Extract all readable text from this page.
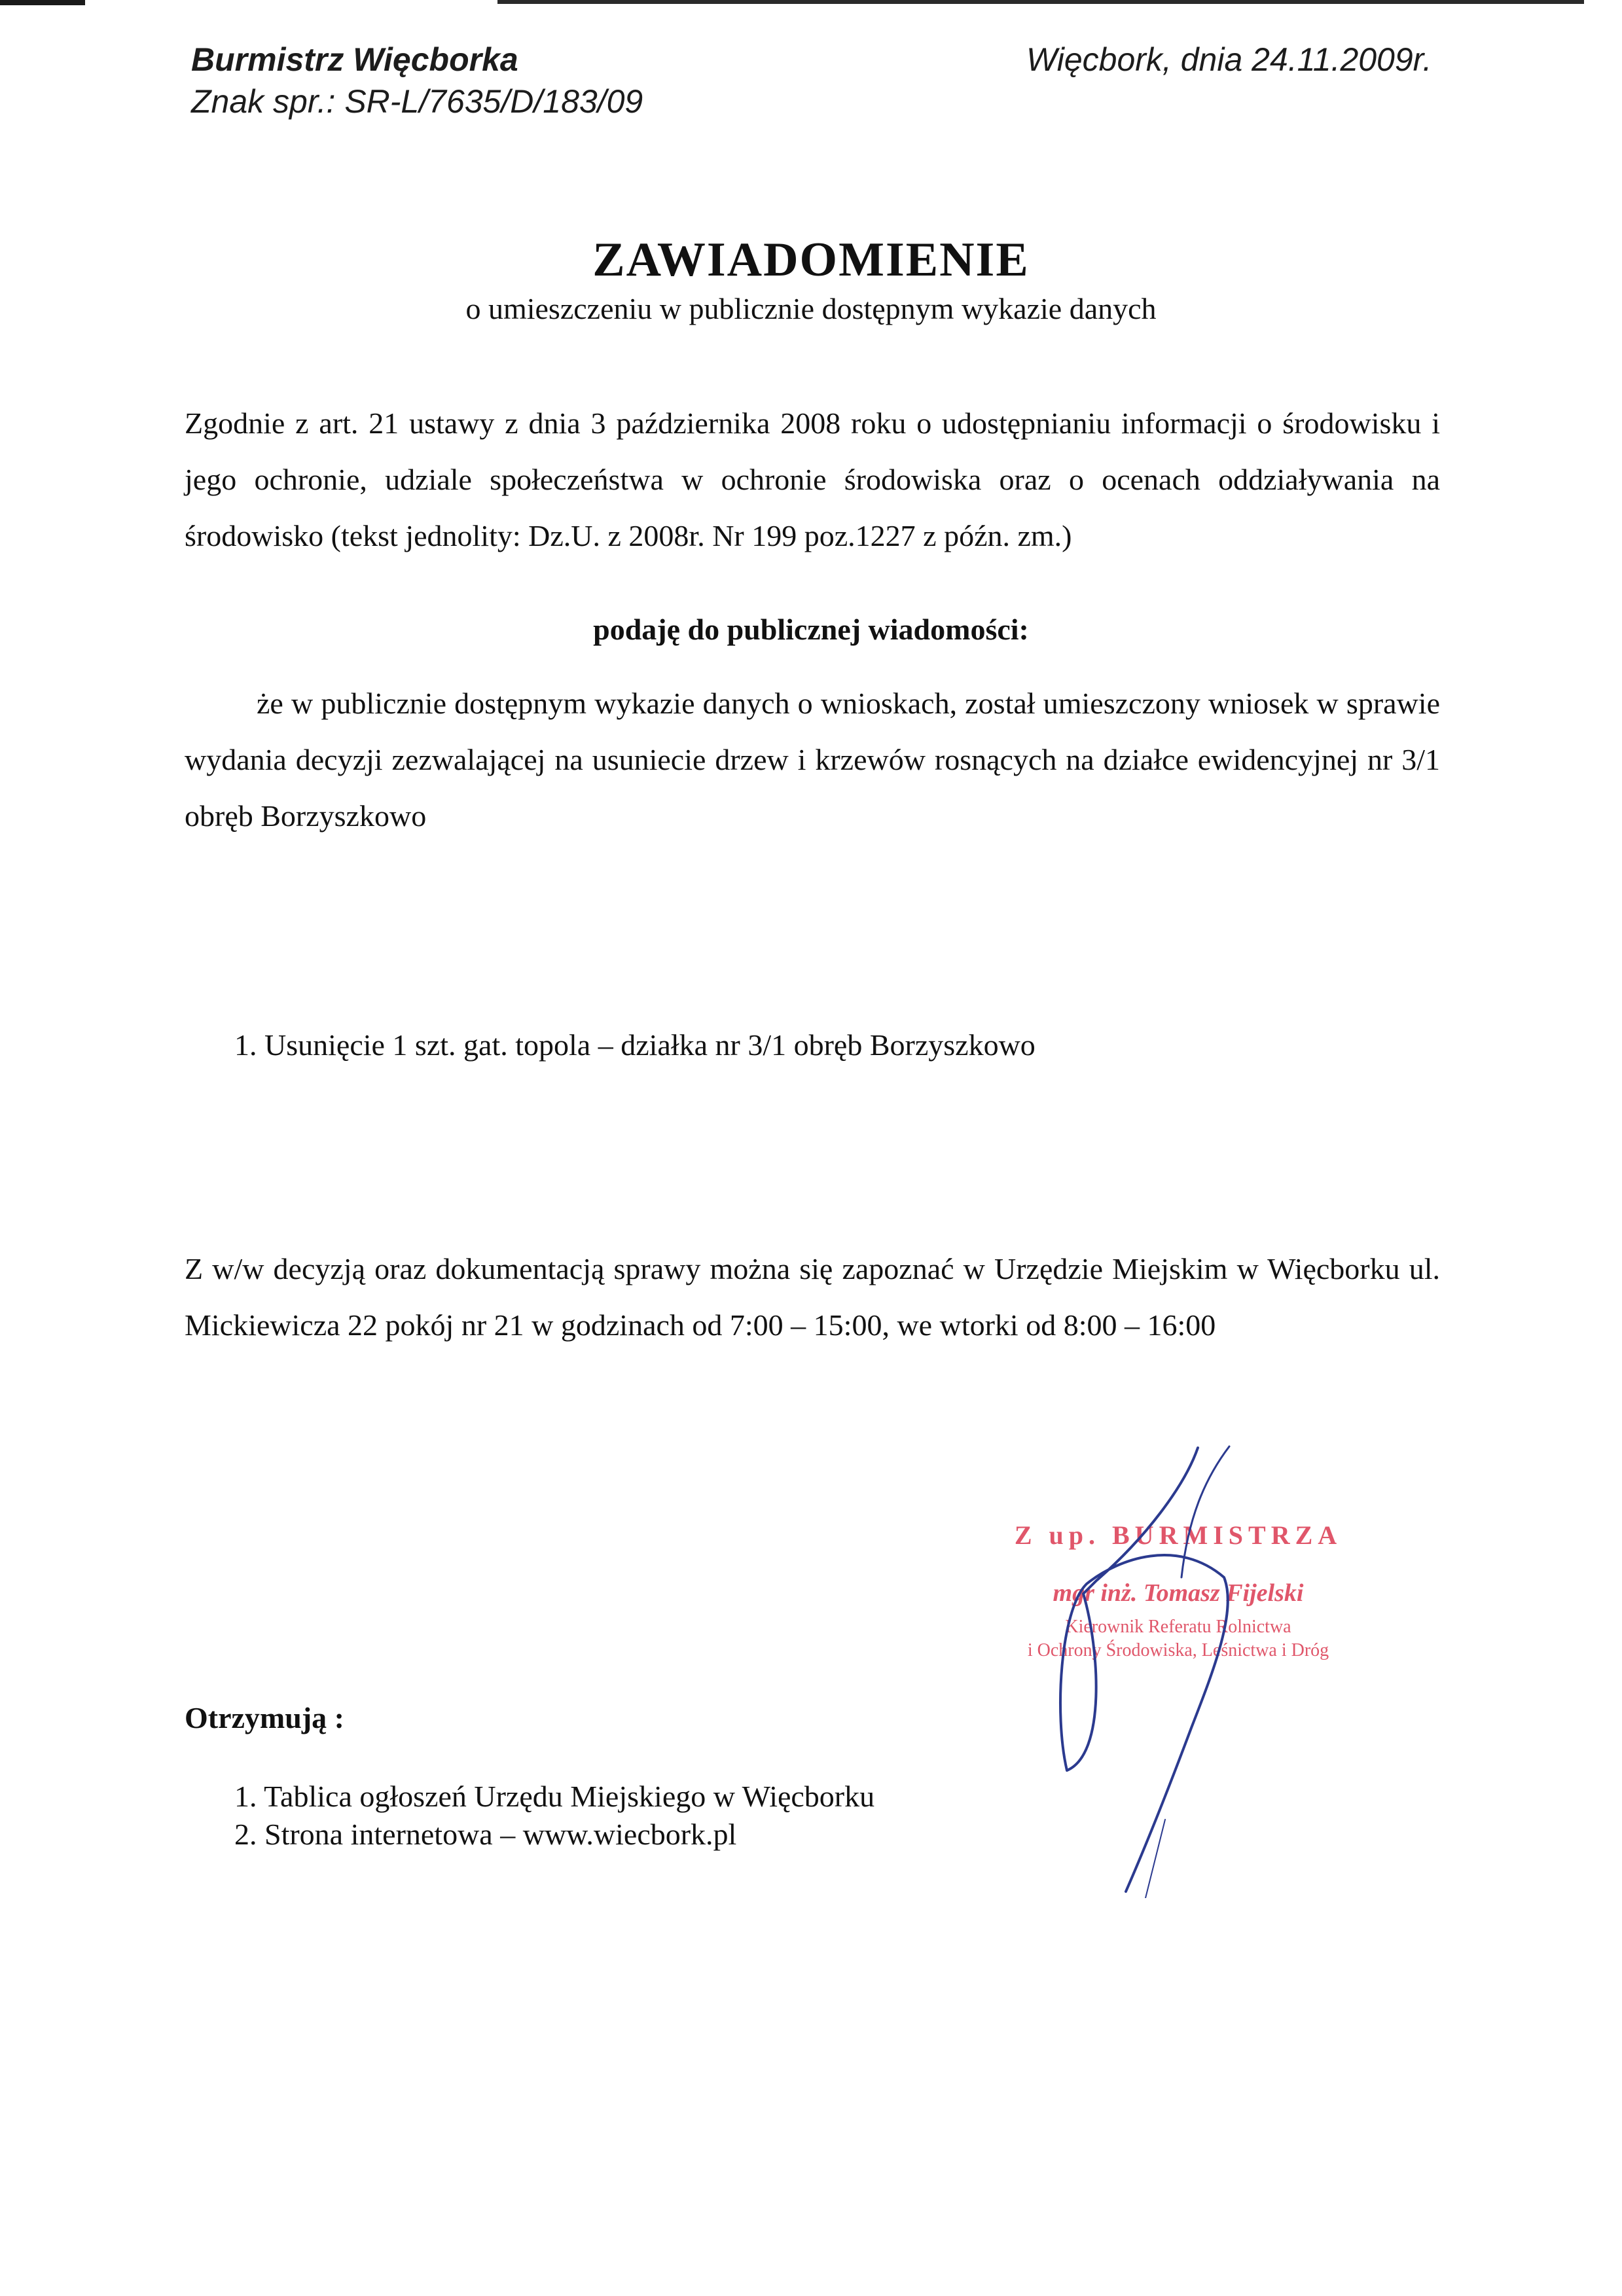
Burmistrz Więcborka
Znak spr.: SR-L/7635/D/183/09
Więcbork, dnia 24.11.2009r.
ZAWIADOMIENIE
o umieszczeniu w publicznie dostępnym wykazie danych
Zgodnie z art. 21 ustawy z dnia 3 października 2008 roku o udostępnianiu informacji o środowisku i jego ochronie, udziale społeczeństwa w ochronie środowiska oraz o ocenach oddziaływania na środowisko (tekst jednolity: Dz.U. z 2008r. Nr 199 poz.1227 z późn. zm.)
podaję do publicznej wiadomości:
że w publicznie dostępnym wykazie danych o wnioskach, został umieszczony wniosek w sprawie wydania decyzji zezwalającej na usuniecie drzew i krzewów rosnących na działce ewidencyjnej nr 3/1 obręb Borzyszkowo
1. Usunięcie 1 szt. gat. topola – działka nr 3/1 obręb Borzyszkowo
Z w/w decyzją oraz dokumentacją sprawy można się zapoznać w Urzędzie Miejskim w Więcborku ul. Mickiewicza 22 pokój nr 21 w godzinach od 7:00 – 15:00, we wtorki od 8:00 – 16:00
Z up. BURMISTRZA
mgr inż. Tomasz Fijelski
Kierownik Referatu Rolnictwa
i Ochrony Środowiska, Leśnictwa i Dróg
Otrzymują :
1. Tablica ogłoszeń Urzędu Miejskiego w Więcborku
2. Strona internetowa – www.wiecbork.pl
